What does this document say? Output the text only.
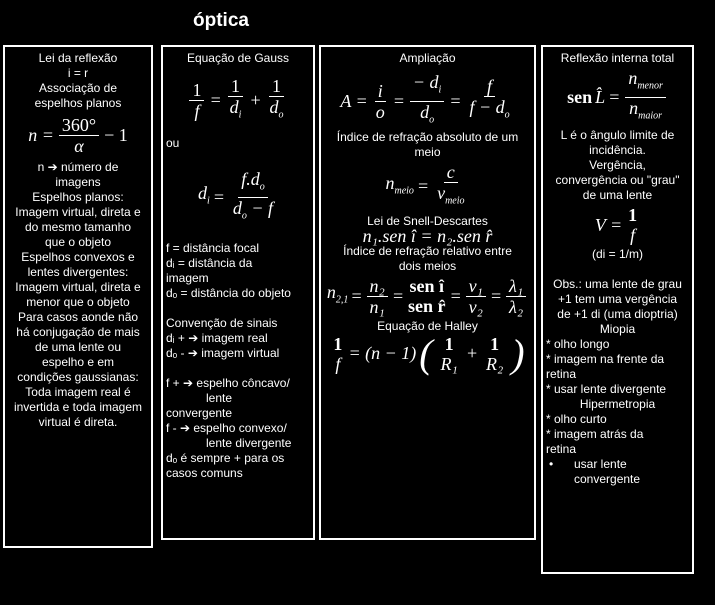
óptica
Lei da reflexão
i = r
Associação de
espelhos planos
$n = \frac{360^\circ}{\alpha} - 1$
n ➔ número de
imagens
Espelhos planos:
Imagem virtual, direta e
do mesmo tamanho
que o objeto
Espelhos convexos e
lentes divergentes:
Imagem virtual, direta e
menor que o objeto
Para casos aonde não
há conjugação de mais
de uma lente ou
espelho e em
condições gaussianas:
Toda imagem real é
invertida e toda imagem
virtual é direta.
Equação de Gauss
$\frac{1}{f} = \frac{1}{d_i} + \frac{1}{d_o}$
ou
$d_i = \frac{f.d_o}{d_o - f}$
f = distância focal
dᵢ = distância da
imagem
dₒ = distância do objeto
Convenção de sinais
dᵢ + ➔ imagem real
dₒ - ➔ imagem virtual
f + ➔ espelho côncavo/
lente
convergente
f - ➔ espelho convexo/
lente divergente
dₒ é sempre + para os
casos comuns
Ampliação
$A = \frac{i}{o} = \frac{- d_i}{d_o} = \frac{f}{f - d_o}$
Índice de refração absoluto de um
meio
$n_{meio} = \frac{c}{v_{meio}}$
Lei de Snell-Descartes
n₁.sen î = n₂.sen r̂
Índice de refração relativo entre
dois meios
$n_{2,1} = \frac{\text{n₂}}{\text{n₁}}$ = sen î
sen r̂
= $\frac{\text{v₁}}{\text{v₂}} = \frac{\text{λ₁}}{\text{λ₂}}$
Equação de Halley
1
f
= (n − 1) ( 1
R₁
+ 1
R₂ )
Reflexão interna total
sen L̂ = $\frac{n_{menor}}{n_{maior}}$
L é o ângulo limite de
incidência.
Vergência,
convergência ou "grau"
de uma lente
V = 1
f
(di = 1/m)
Obs.: uma lente de grau
+1 tem uma vergência
de +1 di (uma dioptria)
Miopia
* olho longo
* imagem na frente da
retina
* usar lente divergente
Hipermetropia
* olho curto
* imagem atrás da
retina
•	usar lente
convergente
